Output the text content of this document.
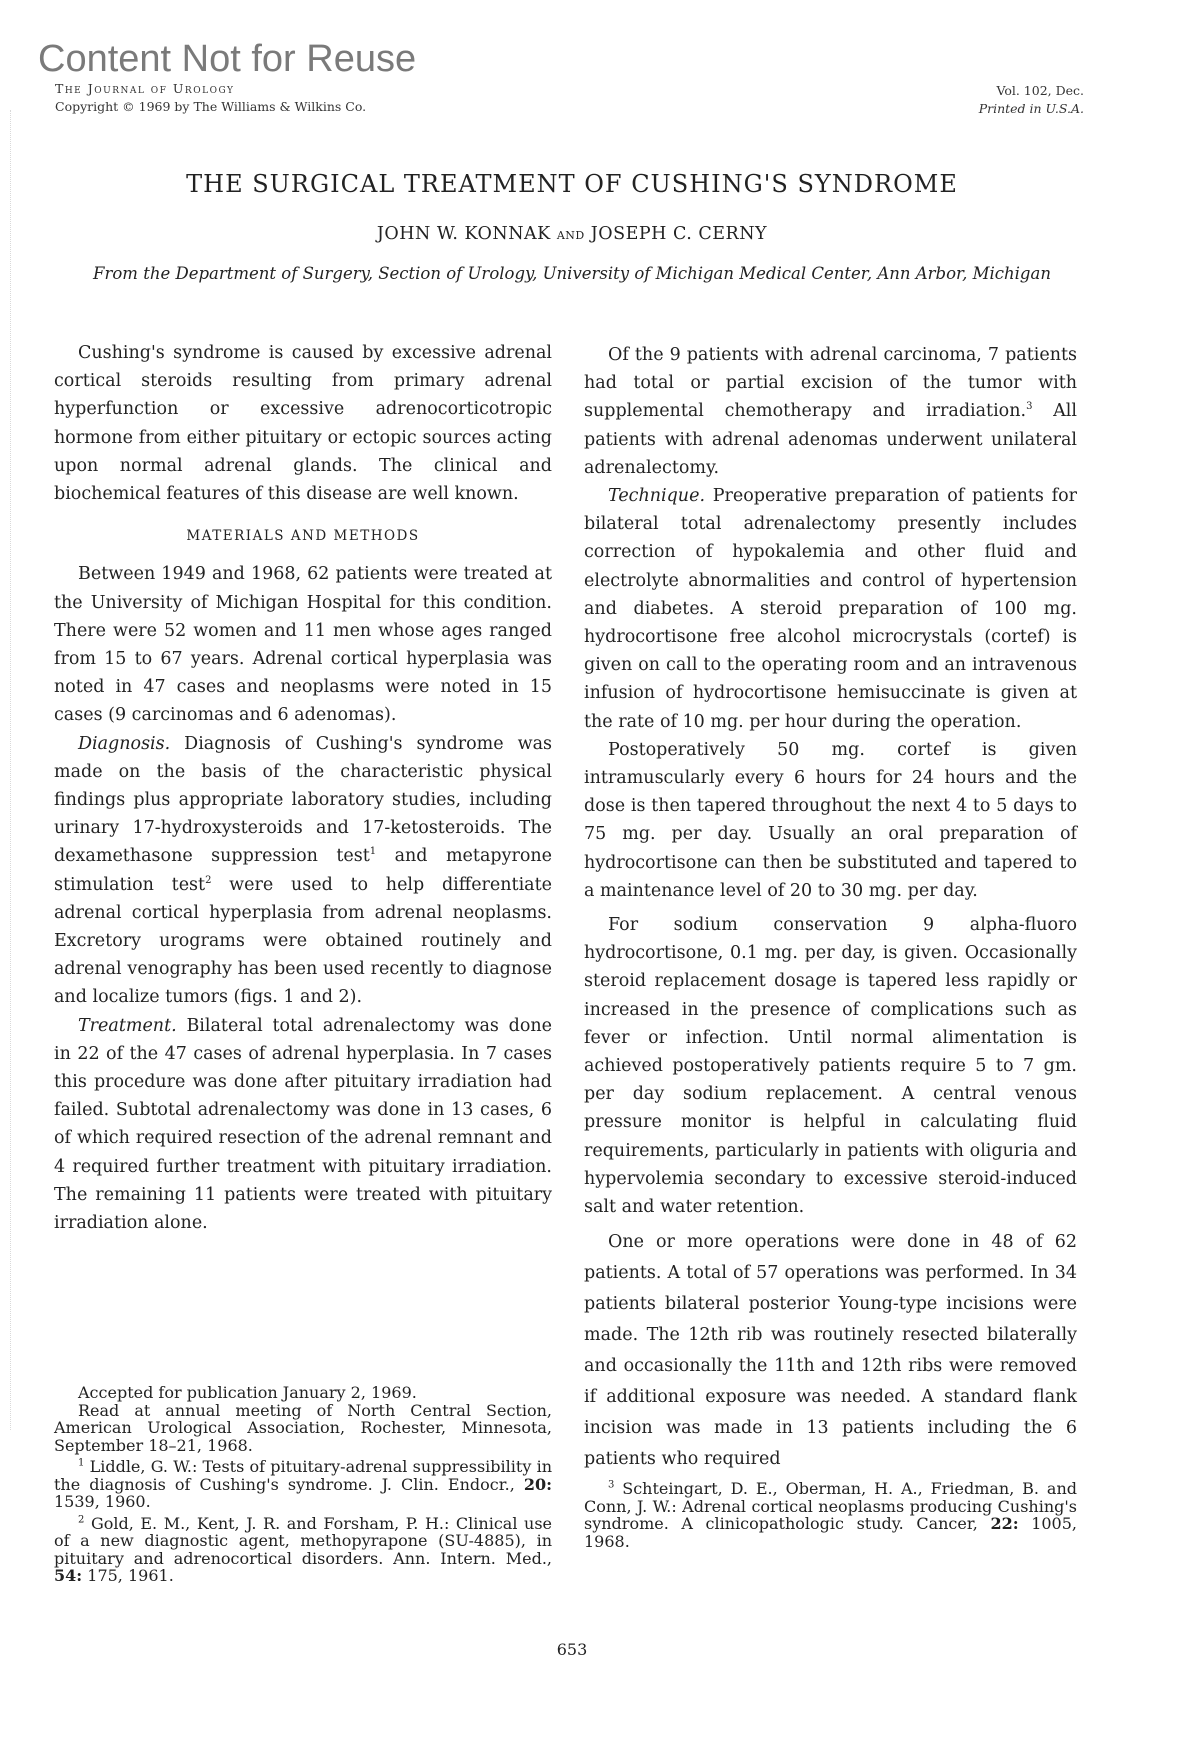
Content Not for Reuse
The Journal of Urology
Copyright © 1969 by The Williams & Wilkins Co.
Vol. 102, Dec.
Printed in U.S.A.
THE SURGICAL TREATMENT OF CUSHING'S SYNDROME
JOHN W. KONNAK and JOSEPH C. CERNY
From the Department of Surgery, Section of Urology, University of Michigan Medical Center, Ann Arbor, Michigan

Cushing's syndrome is caused by excessive adrenal cortical steroids resulting from primary adrenal hyperfunction or excessive adrenocorticotropic hormone from either pituitary or ectopic sources acting upon normal adrenal glands. The clinical and biochemical features of this disease are well known.

MATERIALS AND METHODS

Between 1949 and 1968, 62 patients were treated at the University of Michigan Hospital for this condition. There were 52 women and 11 men whose ages ranged from 15 to 67 years. Adrenal cortical hyperplasia was noted in 47 cases and neoplasms were noted in 15 cases (9 carcinomas and 6 adenomas).

Diagnosis. Diagnosis of Cushing's syndrome was made on the basis of the characteristic physical findings plus appropriate laboratory studies, including urinary 17-hydroxysteroids and 17-ketosteroids. The dexamethasone suppression test$^1$ and metapyrone stimulation test$^2$ were used to help differentiate adrenal cortical hyperplasia from adrenal neoplasms. Excretory urograms were obtained routinely and adrenal venography has been used recently to diagnose and localize tumors (figs. 1 and 2).

Treatment. Bilateral total adrenalectomy was done in 22 of the 47 cases of adrenal hyperplasia. In 7 cases this procedure was done after pituitary irradiation had failed. Subtotal adrenalectomy was done in 13 cases, 6 of which required resection of the adrenal remnant and 4 required further treatment with pituitary irradiation. The remaining 11 patients were treated with pituitary irradiation alone.

Accepted for publication January 2, 1969.

Read at annual meeting of North Central Section, American Urological Association, Rochester, Minnesota, September 18–21, 1968.

$^1$ Liddle, G. W.: Tests of pituitary-adrenal suppressibility in the diagnosis of Cushing's syndrome. J. Clin. Endocr., 20: 1539, 1960.

$^2$ Gold, E. M., Kent, J. R. and Forsham, P. H.: Clinical use of a new diagnostic agent, methopyrapone (SU-4885), in pituitary and adrenocortical disorders. Ann. Intern. Med., 54: 175, 1961.

Of the 9 patients with adrenal carcinoma, 7 patients had total or partial excision of the tumor with supplemental chemotherapy and irradiation.$^3$ All patients with adrenal adenomas underwent unilateral adrenalectomy.

Technique. Preoperative preparation of patients for bilateral total adrenalectomy presently includes correction of hypokalemia and other fluid and electrolyte abnormalities and control of hypertension and diabetes. A steroid preparation of 100 mg. hydrocortisone free alcohol microcrystals (cortef) is given on call to the operating room and an intravenous infusion of hydrocortisone hemisuccinate is given at the rate of 10 mg. per hour during the operation.

Postoperatively 50 mg. cortef is given intramuscularly every 6 hours for 24 hours and the dose is then tapered throughout the next 4 to 5 days to 75 mg. per day. Usually an oral preparation of hydrocortisone can then be substituted and tapered to a maintenance level of 20 to 30 mg. per day.

For sodium conservation 9 alpha-fluoro hydrocortisone, 0.1 mg. per day, is given. Occasionally steroid replacement dosage is tapered less rapidly or increased in the presence of complications such as fever or infection. Until normal alimentation is achieved postoperatively patients require 5 to 7 gm. per day sodium replacement. A central venous pressure monitor is helpful in calculating fluid requirements, particularly in patients with oliguria and hypervolemia secondary to excessive steroid-induced salt and water retention.

One or more operations were done in 48 of 62 patients. A total of 57 operations was performed. In 34 patients bilateral posterior Young-type incisions were made. The 12th rib was routinely resected bilaterally and occasionally the 11th and 12th ribs were removed if additional exposure was needed. A standard flank incision was made in 13 patients including the 6 patients who required

$^3$ Schteingart, D. E., Oberman, H. A., Friedman, B. and Conn, J. W.: Adrenal cortical neoplasms producing Cushing's syndrome. A clinicopathologic study. Cancer, 22: 1005, 1968.

653
